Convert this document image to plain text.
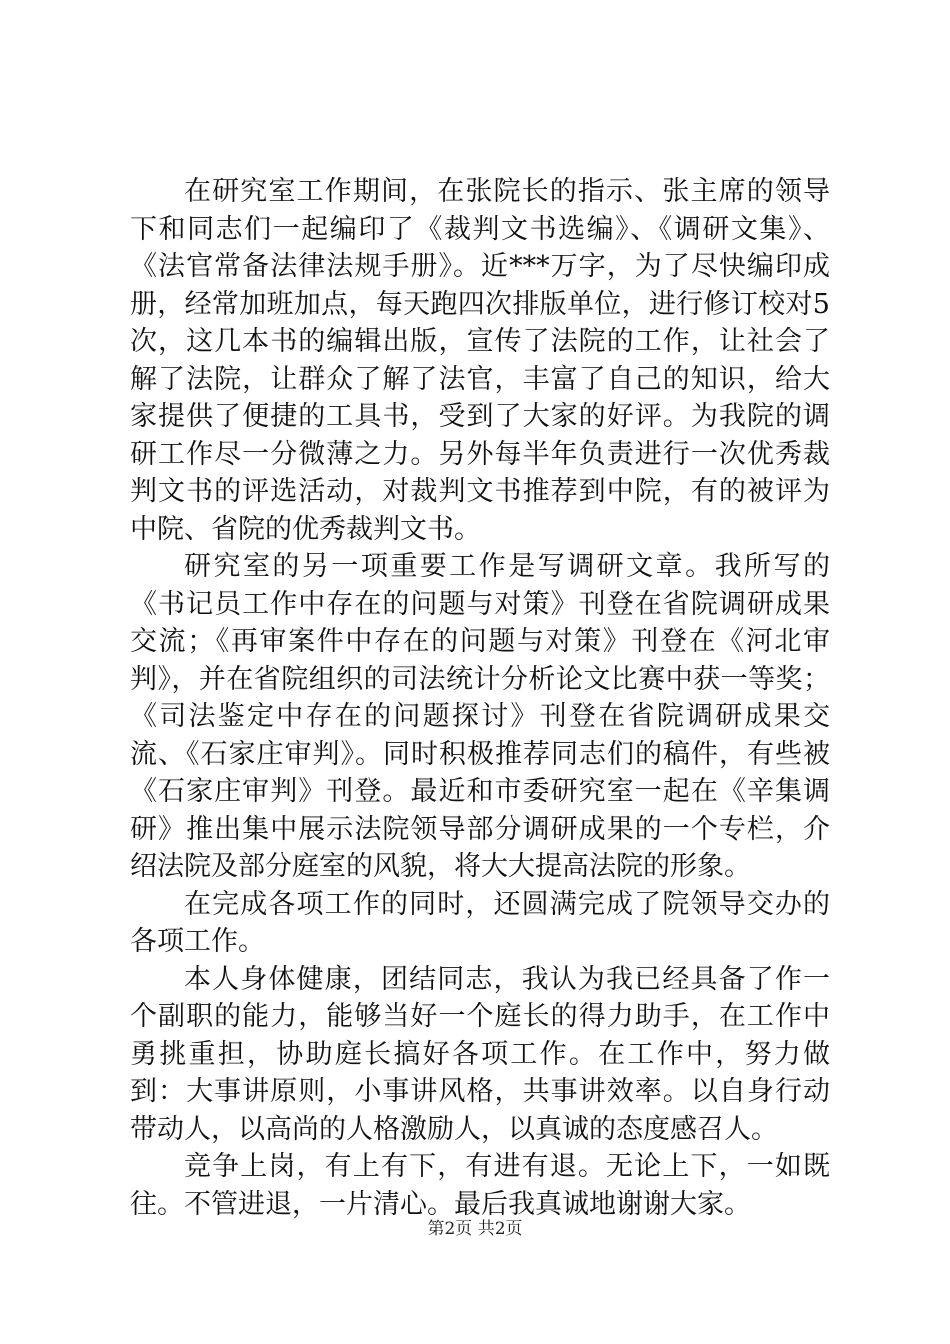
在研究室工作期间，在张院长的指示、张主席的领导下和同志们一起编印了《裁判文书选编》、《调研文集》、《法官常备法律法规手册》。近***万字，为了尽快编印成册，经常加班加点，每天跑四次排版单位，进行修订校对5次，这几本书的编辑出版，宣传了法院的工作，让社会了解了法院，让群众了解了法官，丰富了自己的知识，给大家提供了便捷的工具书，受到了大家的好评。为我院的调研工作尽一分微薄之力。另外每半年负责进行一次优秀裁判文书的评选活动，对裁判文书推荐到中院，有的被评为中院、省院的优秀裁判文书。

研究室的另一项重要工作是写调研文章。我所写的《书记员工作中存在的问题与对策》刊登在省院调研成果交流；《再审案件中存在的问题与对策》刊登在《河北审判》，并在省院组织的司法统计分析论文比赛中获一等奖；《司法鉴定中存在的问题探讨》刊登在省院调研成果交流、《石家庄审判》。同时积极推荐同志们的稿件，有些被《石家庄审判》刊登。最近和市委研究室一起在《辛集调研》推出集中展示法院领导部分调研成果的一个专栏，介绍法院及部分庭室的风貌，将大大提高法院的形象。

在完成各项工作的同时，还圆满完成了院领导交办的各项工作。

本人身体健康，团结同志，我认为我已经具备了作一个副职的能力，能够当好一个庭长的得力助手，在工作中勇挑重担，协助庭长搞好各项工作。在工作中，努力做到：大事讲原则，小事讲风格，共事讲效率。以自身行动带动人，以高尚的人格激励人，以真诚的态度感召人。

竞争上岗，有上有下，有进有退。无论上下，一如既往。不管进退，一片清心。最后我真诚地谢谢大家。

第2页 共2页
